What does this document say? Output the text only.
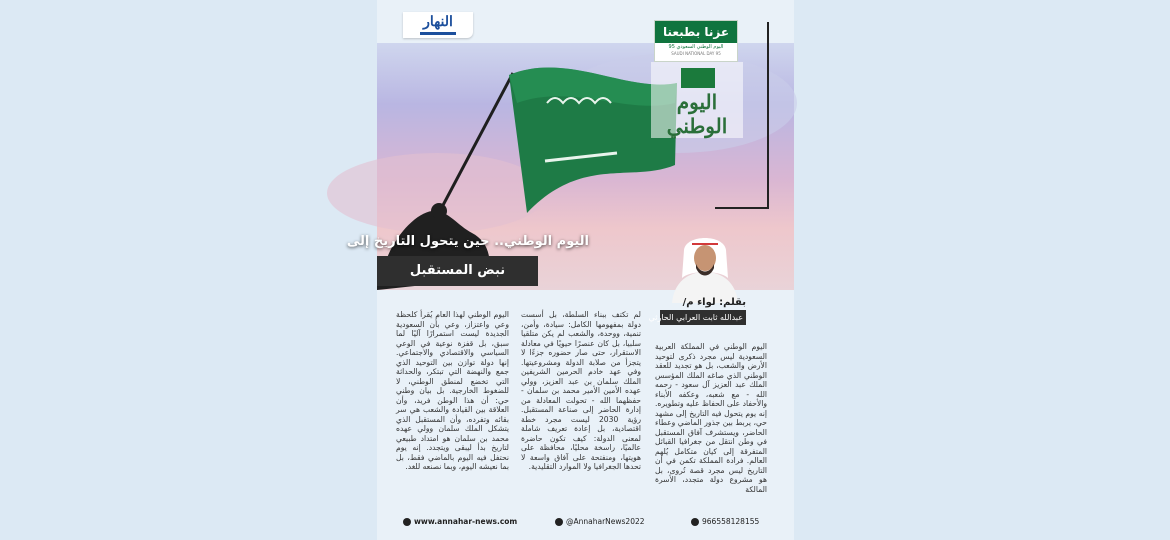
النهار
عزنا بطبعنا
اليوم الوطني السعودي 95
SAUDI NATIONAL DAY 95
اليوم الوطني
اليوم الوطني.. حين يتحول التاريخ إلى
نبض المستقبل
بقلم: لواء م/
عبدالله ثابت العرابي الحارثي
اليوم الوطني في المملكة العربية السعودية ليس مجرد ذكرى لتوحيد الأرض والشعب، بل هو تجديد للعقد الوطني الذي صاغه الملك المؤسس الملك عبد العزيز آل سعود - رحمه الله - مع شعبه، وعكفه الأبناء والأحفاد على الحفاظ عليه وتطويره. إنه يوم يتحول فيه التاريخ إلى مشهد حي، يربط بين جذور الماضي وعطاء الحاضر، ويستشرف آفاق المستقبل في وطن انتقل من جغرافيا القبائل المتفرقة إلى كيان متكامل يُلهم العالم. فرادة المملكة تكمن في أن التاريخ ليس مجرد قصة تُروى، بل هو مشروع دولة متجدد، الأسرة المالكة
لم تكتف ببناء السلطة، بل أسست دولة بمفهومها الكامل: سيادة، وأمن، تنمية، ووحدة، والشعب لم يكن متلقيا سلبيا، بل كان عنصرًا حيويًا في معادلة الاستقرار، حتى صار حضوره جزءًا لا يتجزأ من صلابة الدولة ومشروعيتها. وفي عهد خادم الحرمين الشريفين الملك سلمان بن عبد العزيز، وولي عهده الأمين الأمير محمد بن سلمان - حفظهما الله - تحولت المعادلة من إدارة الحاضر إلى صناعة المستقبل. رؤية 2030 ليست مجرد خطة اقتصادية، بل إعادة تعريف شاملة لمعنى الدولة: كيف تكون حاضرة عالميًا، راسخة محليًا، محافظة على هويتها، ومنفتحة على آفاق واسعة لا تحدها الجغرافيا ولا الموارد التقليدية.
اليوم الوطني لهذا العام يُقرأ كلحظة وعي واعتزاز، وعي بأن السعودية الجديدة ليست استمرارًا آليًا لما سبق، بل قفزة نوعية في الوعي السياسي والاقتصادي والاجتماعي. إنها دولة توازن بين التوحيد الذي جمع والنهضة التي تبتكر، والحداثة التي تخضع لمنطق الوطني، لا للضغوط الخارجية. بل بيان وطني حي: أن هذا الوطن فريد، وأن العلاقة بين القيادة والشعب هي سر بقائه وتفرده، وأن المستقبل الذي يتشكل الملك سلمان وولي عهده محمد بن سلمان هو امتداد طبيعي لتاريخ بدأ ليبقى ويتجدد. إنه يوم نحتفل فيه اليوم بالماضي فقط، بل بما نعيشه اليوم، وبما نصنعه للغد.
www.annahar-news.com	@AnnaharNews2022	966558128155
